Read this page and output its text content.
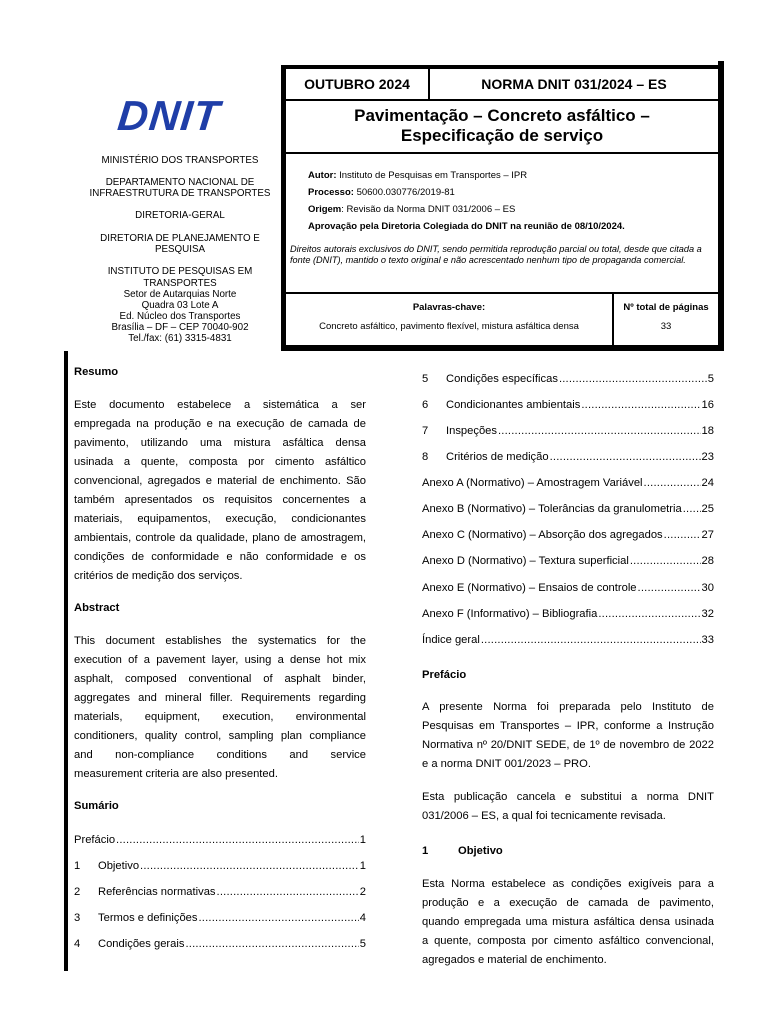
DNIT
MINISTÉRIO DOS TRANSPORTES
DEPARTAMENTO NACIONAL DE
INFRAESTRUTURA DE TRANSPORTES
DIRETORIA-GERAL
DIRETORIA DE PLANEJAMENTO E
PESQUISA
INSTITUTO DE PESQUISAS EM
TRANSPORTES
Setor de Autarquias Norte
Quadra 03 Lote A
Ed. Núcleo dos Transportes
Brasília – DF – CEP 70040-902
Tel./fax: (61) 3315-4831
OUTUBRO 2024	NORMA DNIT 031/2024 – ES
Pavimentação – Concreto asfáltico –
Especificação de serviço
Autor: Instituto de Pesquisas em Transportes – IPR
Processo: 50600.030776/2019-81
Origem: Revisão da Norma DNIT 031/2006 – ES
Aprovação pela Diretoria Colegiada do DNIT na reunião de 08/10/2024.
Direitos autorais exclusivos do DNIT, sendo permitida reprodução parcial ou total, desde que citada a fonte (DNIT), mantido o texto original e não acrescentado nenhum tipo de propaganda comercial.
Palavras-chave:
Concreto asfáltico, pavimento flexível, mistura asfáltica densa
Nº total de páginas
33
Resumo
Este documento estabelece a sistemática a ser
empregada na produção e na execução de camada de
pavimento, utilizando uma mistura asfáltica densa
usinada a quente, composta por cimento asfáltico
convencional, agregados e material de enchimento. São
também apresentados os requisitos concernentes a
materiais, equipamentos, execução, condicionantes
ambientais, controle da qualidade, plano de amostragem,
condições de conformidade e não conformidade e os
critérios de medição dos serviços.
Abstract
This document establishes the systematics for the
execution of a pavement layer, using a dense hot mix
asphalt, composed conventional of asphalt binder,
aggregates and mineral filler. Requirements regarding
materials, equipment, execution, environmental
conditioners, quality control, sampling plan compliance
and non-compliance conditions and service
measurement criteria are also presented.
Sumário
Prefácio .....	1
1	Objetivo .....	1
2	Referências normativas .....	2
3	Termos e definições .....	4
4	Condições gerais .....	5
5	Condições específicas .....	5
6	Condicionantes ambientais .....	16
7	Inspeções .....	18
8	Critérios de medição .....	23
Anexo A (Normativo) – Amostragem Variável .....	24
Anexo B (Normativo) – Tolerâncias da granulometria ..... 25
Anexo C (Normativo) – Absorção dos agregados .....	27
Anexo D (Normativo) – Textura superficial .....	28
Anexo E (Normativo) – Ensaios de controle .....	30
Anexo F (Informativo) – Bibliografia .....	32
Índice geral .....	33
Prefácio
A presente Norma foi preparada pelo Instituto de
Pesquisas em Transportes – IPR, conforme a Instrução
Normativa nº 20/DNIT SEDE, de 1º de novembro de 2022
e a norma DNIT 001/2023 – PRO.
Esta publicação cancela e substitui a norma DNIT
031/2006 – ES, a qual foi tecnicamente revisada.
1	Objetivo
Esta Norma estabelece as condições exigíveis para a
produção e a execução de camada de pavimento,
quando empregada uma mistura asfáltica densa usinada
a quente, composta por cimento asfáltico convencional,
agregados e material de enchimento.
